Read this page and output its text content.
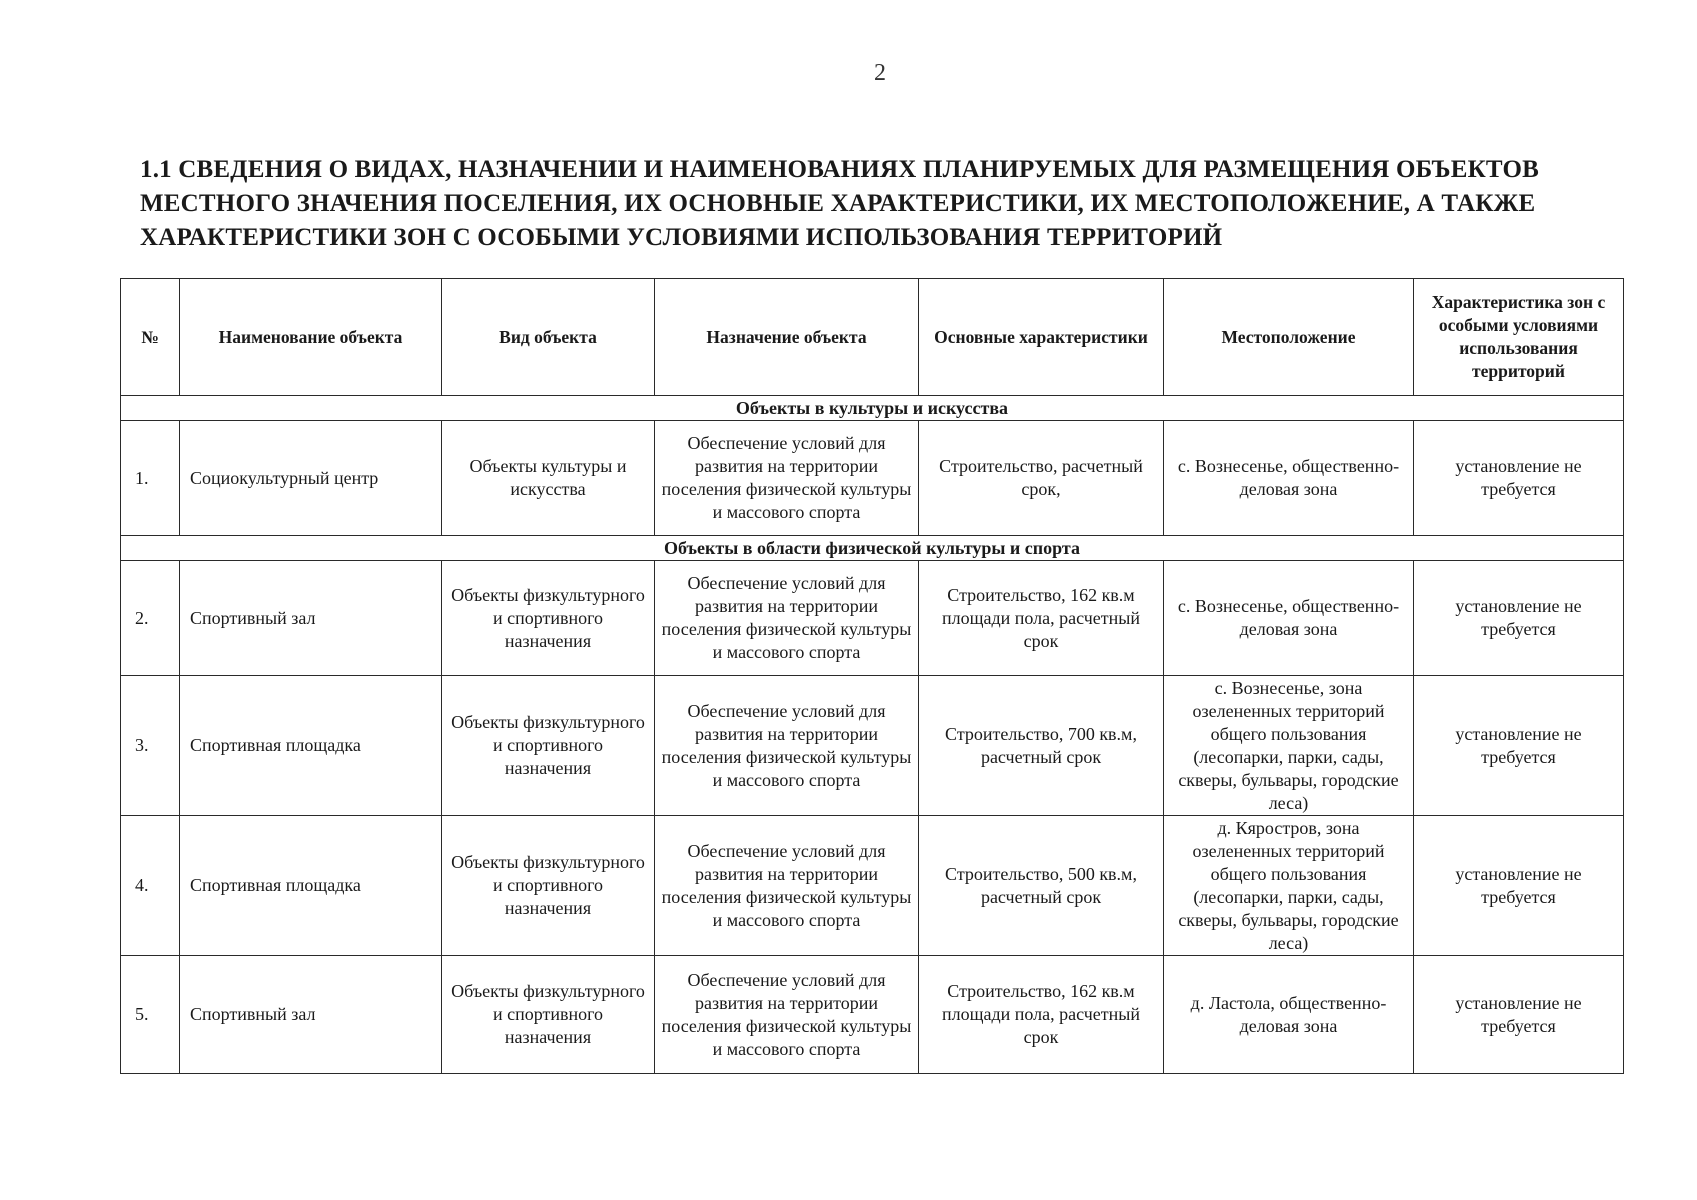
2
1.1 СВЕДЕНИЯ О ВИДАХ, НАЗНАЧЕНИИ И НАИМЕНОВАНИЯХ ПЛАНИРУЕМЫХ ДЛЯ РАЗМЕЩЕНИЯ ОБЪЕКТОВ МЕСТНОГО ЗНАЧЕНИЯ ПОСЕЛЕНИЯ, ИХ ОСНОВНЫЕ ХАРАКТЕРИСТИКИ, ИХ МЕСТОПОЛОЖЕНИЕ, А ТАКЖЕ ХАРАКТЕРИСТИКИ ЗОН С ОСОБЫМИ УСЛОВИЯМИ ИСПОЛЬЗОВАНИЯ ТЕРРИТОРИЙ
№	Наименование объекта	Вид объекта	Назначение объекта	Основные характеристики	Местоположение	Характеристика зон с особыми условиями использования территорий
Объекты в культуры и искусства						
1.	Социокультурный центр	Объекты культуры и искусства	Обеспечение условий для развития на территории поселения физической культуры и массового спорта	Строительство, расчетный срок,	с. Вознесенье, общественно-деловая зона	установление не требуется
Объекты в области физической культуры и спорта						
2.	Спортивный зал	Объекты физкультурного и спортивного назначения	Обеспечение условий для развития на территории поселения физической культуры и массового спорта	Строительство, 162 кв.м площади пола, расчетный срок	с. Вознесенье, общественно-деловая зона	установление не требуется
3.	Спортивная площадка	Объекты физкультурного и спортивного назначения	Обеспечение условий для развития на территории поселения физической культуры и массового спорта	Строительство, 700 кв.м, расчетный срок	с. Вознесенье, зона озелененных территорий общего пользования (лесопарки, парки, сады, скверы, бульвары, городские леса)	установление не требуется
4.	Спортивная площадка	Объекты физкультурного и спортивного назначения	Обеспечение условий для развития на территории поселения физической культуры и массового спорта	Строительство, 500 кв.м, расчетный срок	д. Кяростров, зона озелененных территорий общего пользования (лесопарки, парки, сады, скверы, бульвары, городские леса)	установление не требуется
5.	Спортивный зал	Объекты физкультурного и спортивного назначения	Обеспечение условий для развития на территории поселения физической культуры и массового спорта	Строительство, 162 кв.м площади пола, расчетный срок	д. Ластола, общественно-деловая зона	установление не требуется
